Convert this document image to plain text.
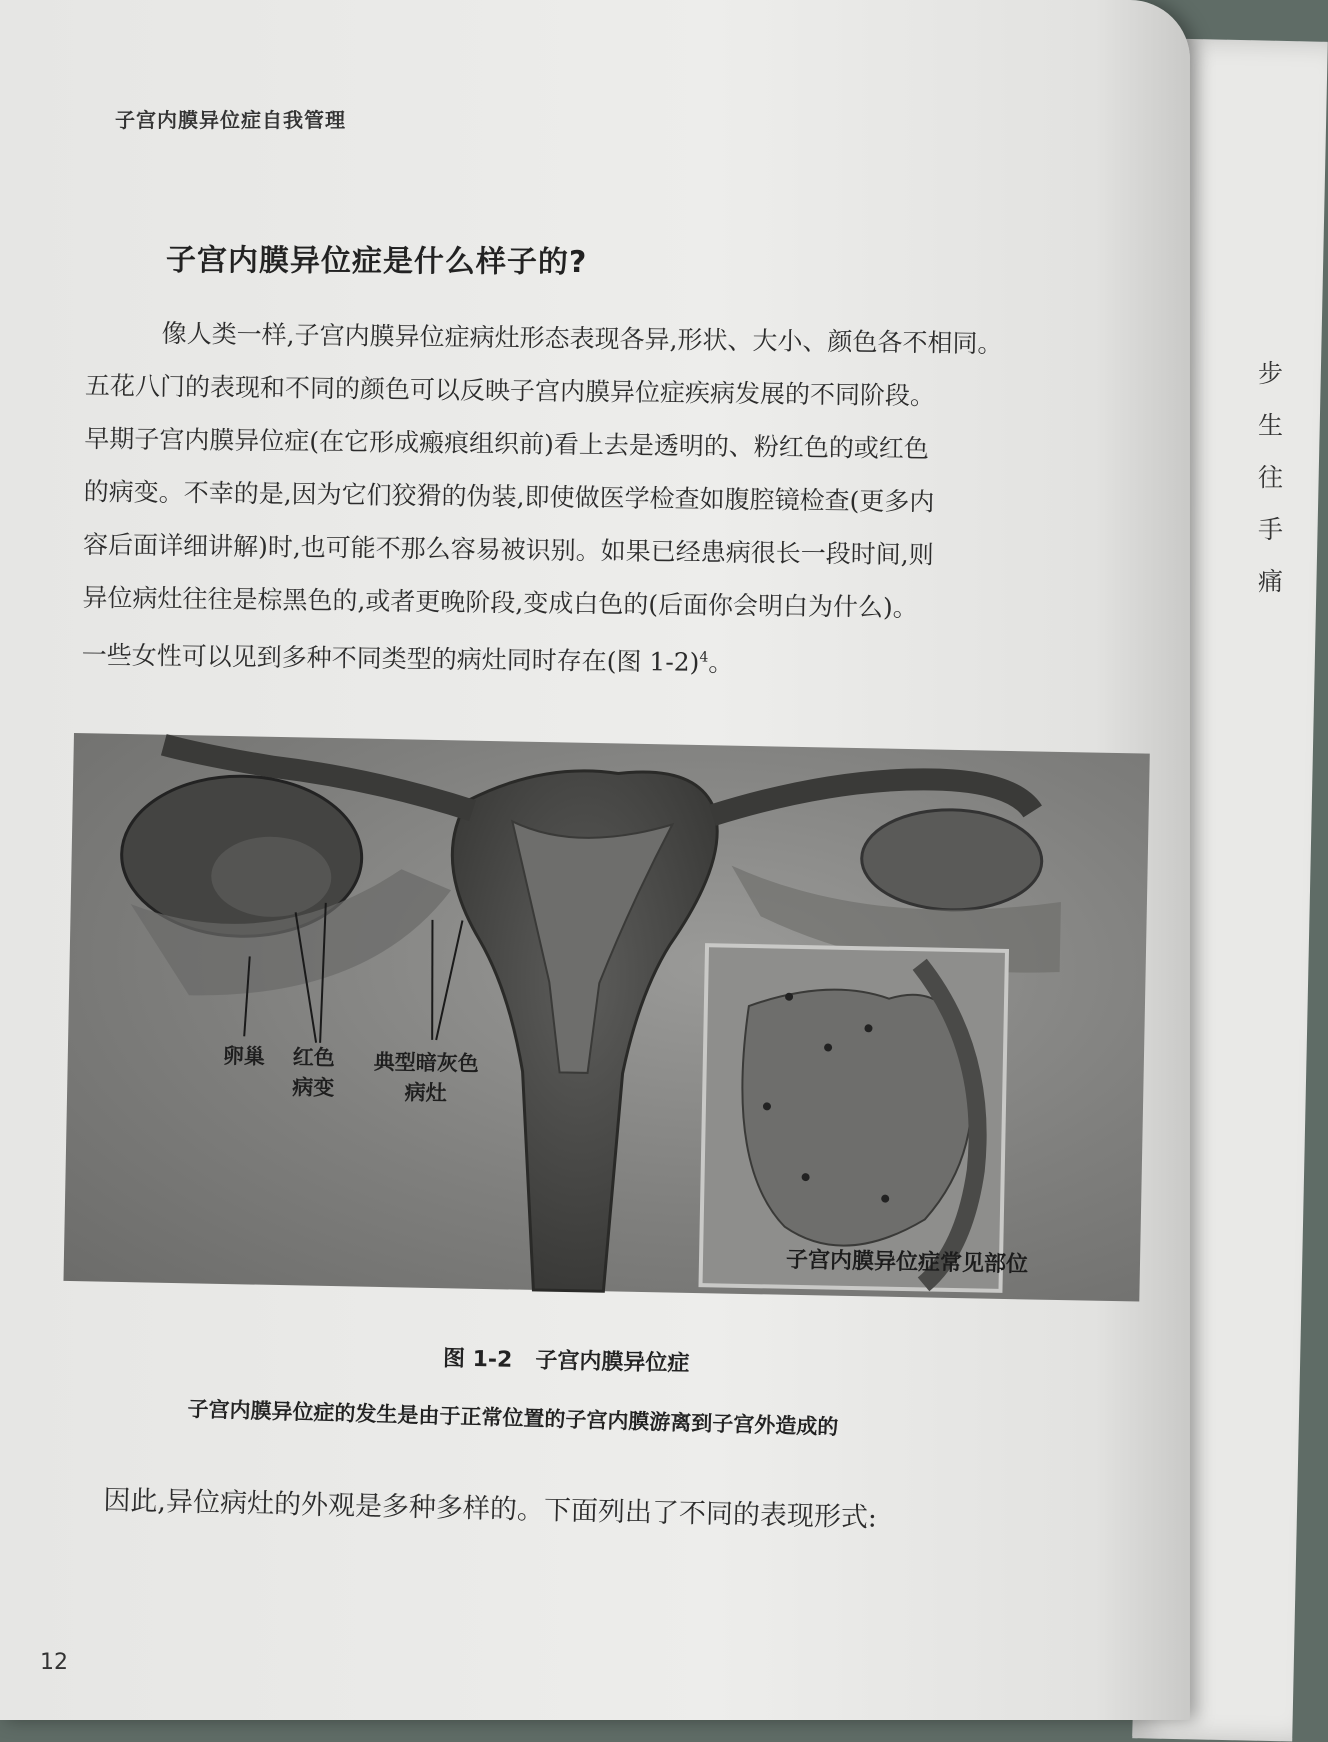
步
生
往
手
痛
子宫内膜异位症自我管理
子宫内膜异位症是什么样子的?

像人类一样,子宫内膜异位症病灶形态表现各异,形状、大小、颜色各不相同。

五花八门的表现和不同的颜色可以反映子宫内膜异位症疾病发展的不同阶段。

早期子宫内膜异位症(在它形成瘢痕组织前)看上去是透明的、粉红色的或红色

的病变。不幸的是,因为它们狡猾的伪装,即使做医学检查如腹腔镜检查(更多内

容后面详细讲解)时,也可能不那么容易被识别。如果已经患病很长一段时间,则

异位病灶往往是棕黑色的,或者更晚阶段,变成白色的(后面你会明白为什么)。

一些女性可以见到多种不同类型的病灶同时存在(图 1-2)$^4$。

卵巢 红色
病变
典型暗灰色
病灶
子宫内膜异位症常见部位
图 1-2 子宫内膜异位症
子宫内膜异位症的发生是由于正常位置的子宫内膜游离到子宫外造成的
因此,异位病灶的外观是多种多样的。下面列出了不同的表现形式:
12
